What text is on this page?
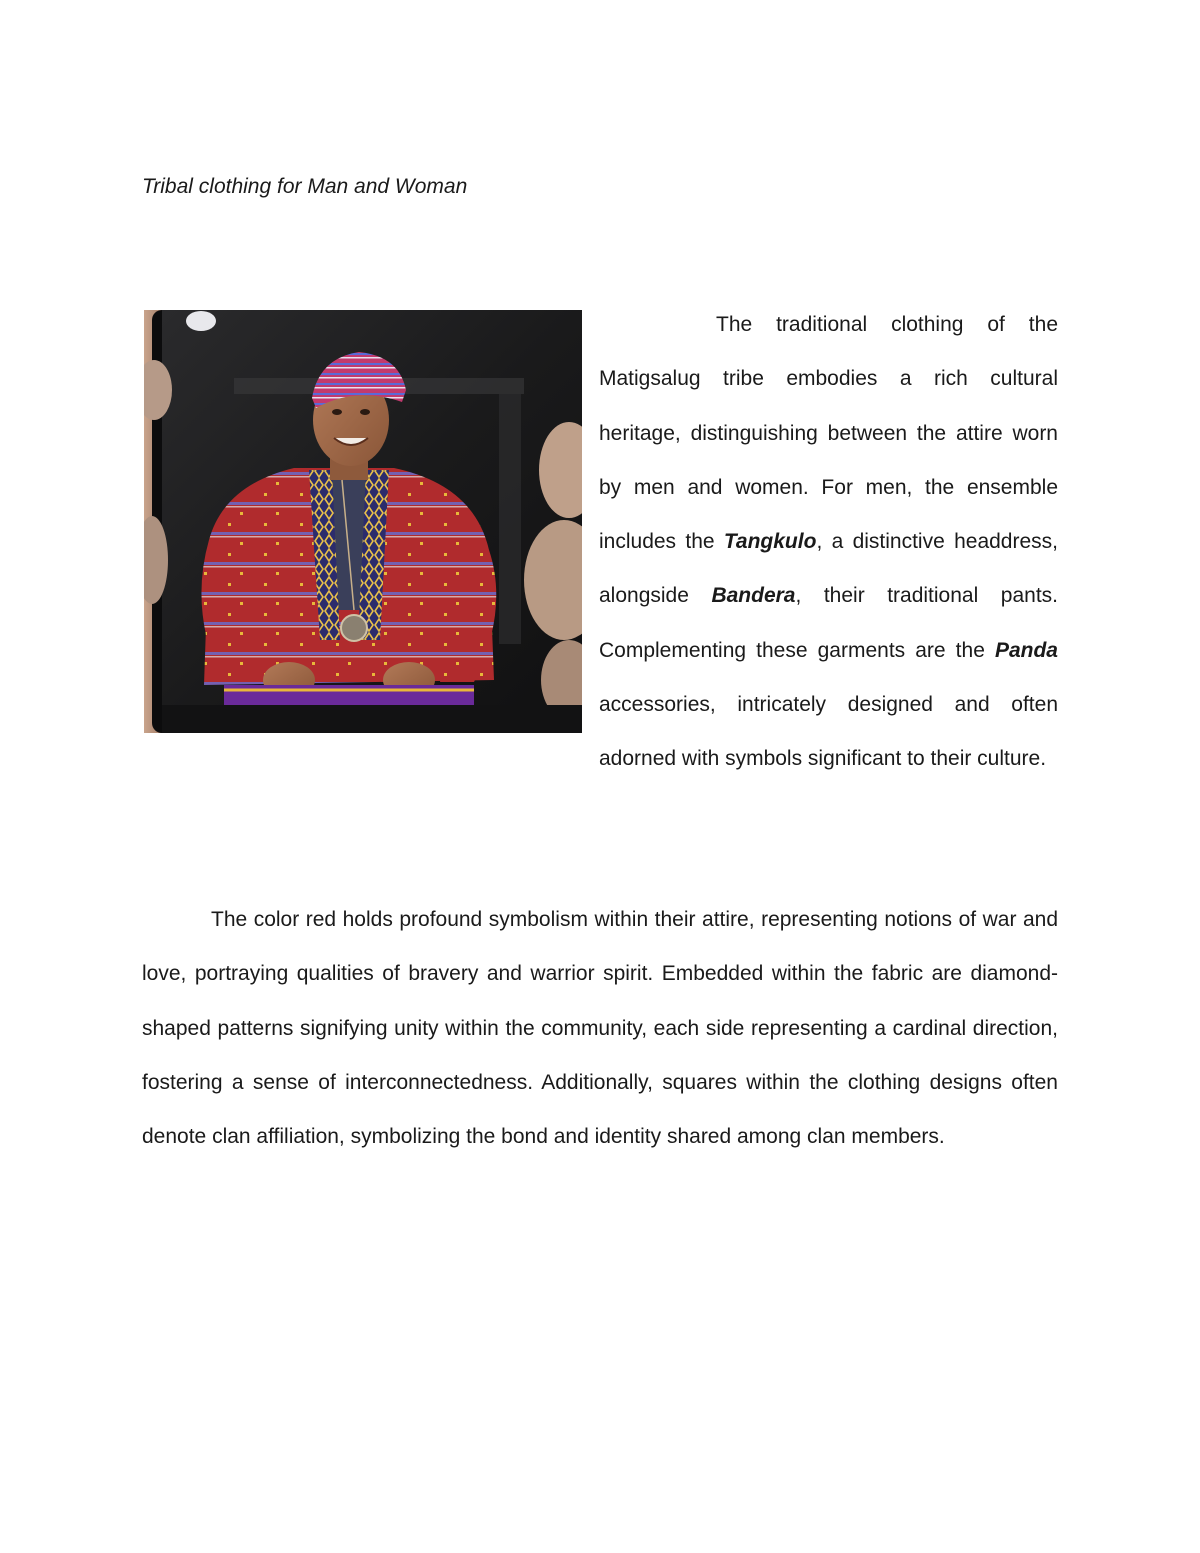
Tribal clothing for Man and Woman

The traditional clothing of the Matigsalug tribe embodies a rich cultural heritage, distinguishing between the attire worn by men and women. For men, the ensemble includes the Tangkulo, a distinctive headdress, alongside Bandera, their traditional pants. Complementing these garments are the Panda accessories, intricately designed and often adorned with symbols significant to their culture.

The color red holds profound symbolism within their attire, representing notions of war and love, portraying qualities of bravery and warrior spirit. Embedded within the fabric are diamond-shaped patterns signifying unity within the community, each side representing a cardinal direction, fostering a sense of interconnectedness. Additionally, squares within the clothing designs often denote clan affiliation, symbolizing the bond and identity shared among clan members.
